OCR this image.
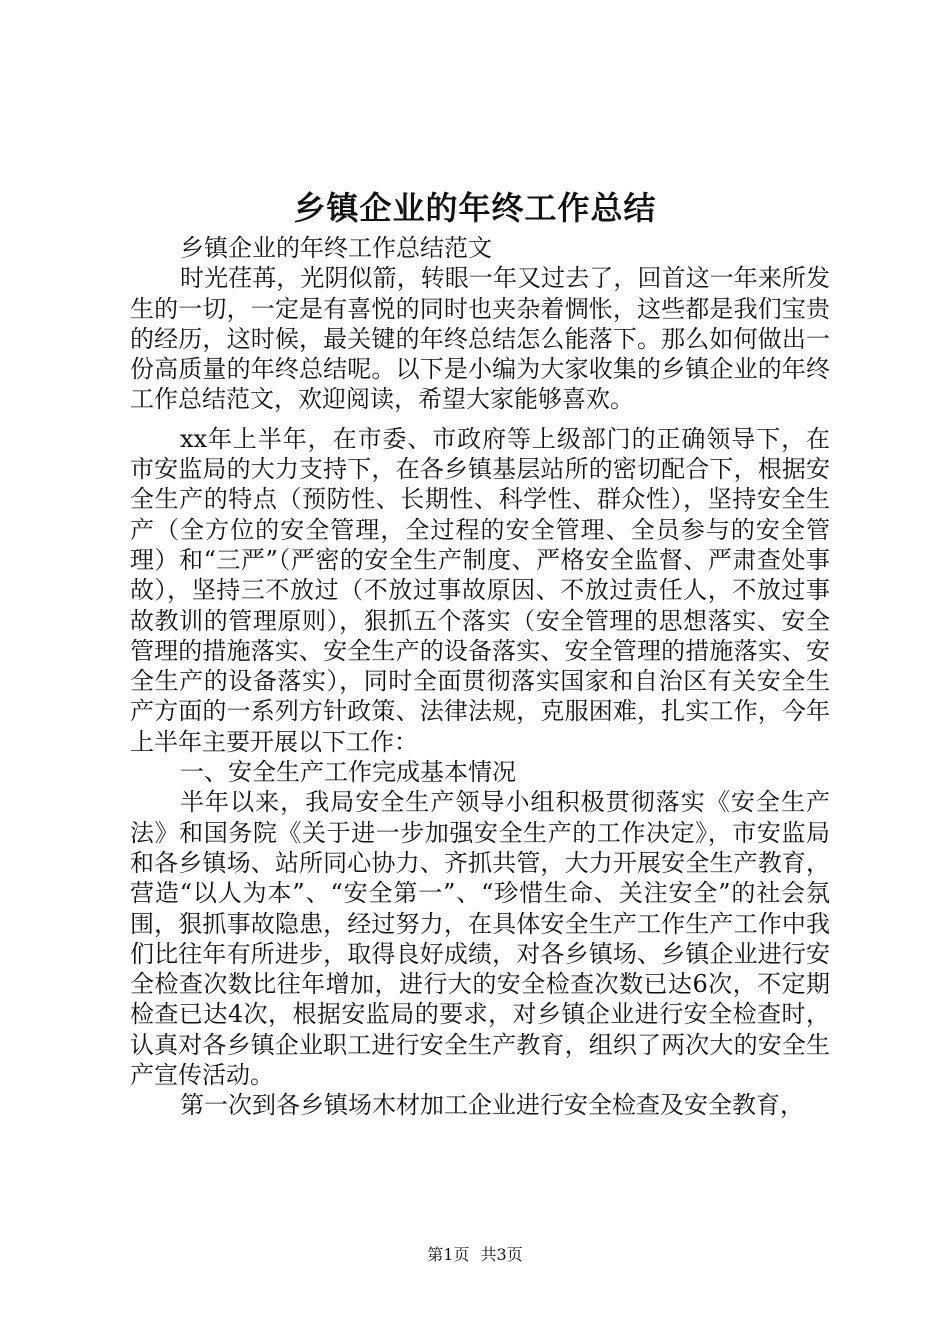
乡镇企业的年终工作总结

乡镇企业的年终工作总结范文

时光荏苒，光阴似箭，转眼一年又过去了，回首这一年来所发生的一切，一定是有喜悦的同时也夹杂着惆怅，这些都是我们宝贵的经历，这时候，最关键的年终总结怎么能落下。那么如何做出一份高质量的年终总结呢。以下是小编为大家收集的乡镇企业的年终工作总结范文，欢迎阅读，希望大家能够喜欢。

xx年上半年，在市委、市政府等上级部门的正确领导下，在市安监局的大力支持下，在各乡镇基层站所的密切配合下，根据安全生产的特点（预防性、长期性、科学性、群众性），坚持安全生产（全方位的安全管理，全过程的安全管理、全员参与的安全管理）和“三严”（严密的安全生产制度、严格安全监督、严肃查处事故），坚持三不放过（不放过事故原因、不放过责任人，不放过事故教训的管理原则），狠抓五个落实（安全管理的思想落实、安全管理的措施落实、安全生产的设备落实、安全管理的措施落实、安全生产的设备落实），同时全面贯彻落实国家和自治区有关安全生产方面的一系列方针政策、法律法规，克服困难，扎实工作，今年上半年主要开展以下工作：

一、安全生产工作完成基本情况

半年以来，我局安全生产领导小组积极贯彻落实《安全生产法》和国务院《关于进一步加强安全生产的工作决定》，市安监局和各乡镇场、站所同心协力、齐抓共管，大力开展安全生产教育，营造“以人为本”、“安全第一”、“珍惜生命、关注安全”的社会氛围，狠抓事故隐患，经过努力，在具体安全生产工作生产工作中我们比往年有所进步，取得良好成绩，对各乡镇场、乡镇企业进行安全检查次数比往年增加，进行大的安全检查次数已达6次，不定期检查已达4次，根据安监局的要求，对乡镇企业进行安全检查时，认真对各乡镇企业职工进行安全生产教育，组织了两次大的安全生产宣传活动。

第一次到各乡镇场木材加工企业进行安全检查及安全教育，

第1页 共3页
